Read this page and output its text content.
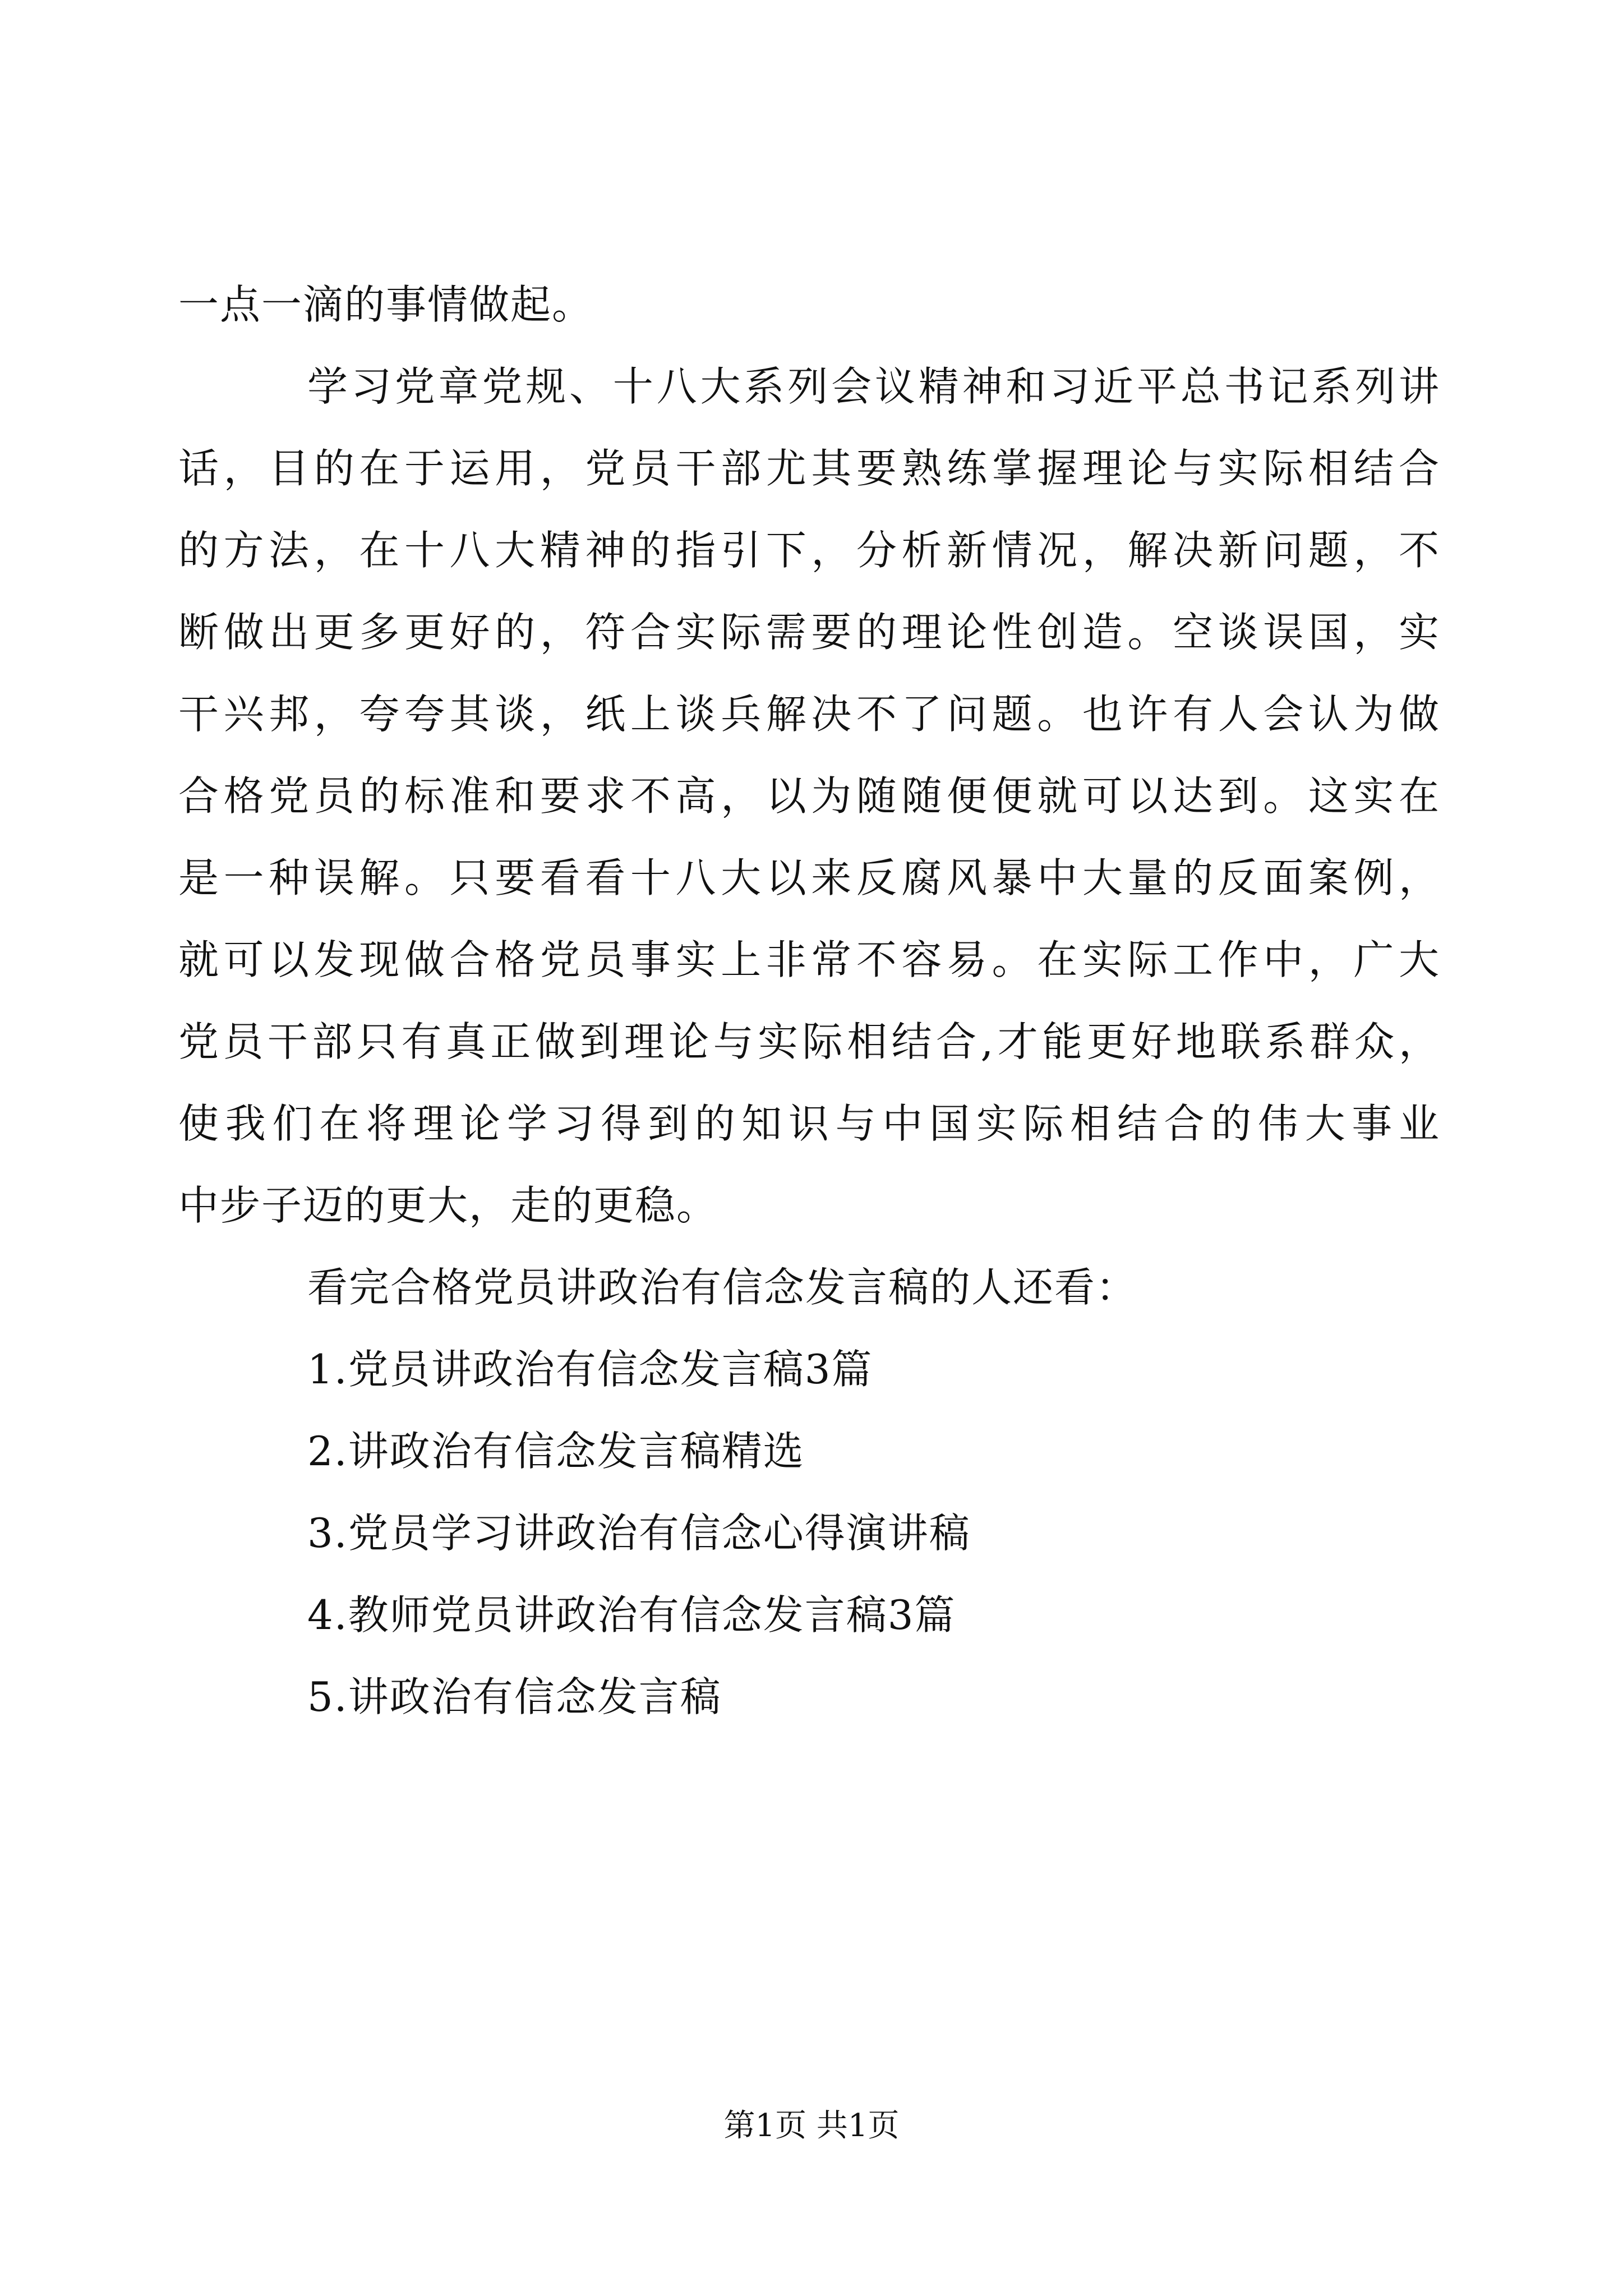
一点一滴的事情做起。
学习党章党规、十八大系列会议精神和习近平总书记系列讲
话，目的在于运用，党员干部尤其要熟练掌握理论与实际相结合
的方法，在十八大精神的指引下，分析新情况，解决新问题，不
断做出更多更好的，符合实际需要的理论性创造。空谈误国，实
干兴邦，夸夸其谈，纸上谈兵解决不了问题。也许有人会认为做
合格党员的标准和要求不高，以为随随便便就可以达到。这实在
是一种误解。只要看看十八大以来反腐风暴中大量的反面案例，
就可以发现做合格党员事实上非常不容易。在实际工作中，广大
党员干部只有真正做到理论与实际相结合,才能更好地联系群众，
使我们在将理论学习得到的知识与中国实际相结合的伟大事业
中步子迈的更大，走的更稳。
看完合格党员讲政治有信念发言稿的人还看：
1.党员讲政治有信念发言稿3篇
2.讲政治有信念发言稿精选
3.党员学习讲政治有信念心得演讲稿
4.教师党员讲政治有信念发言稿3篇
5.讲政治有信念发言稿
第1页 共1页
